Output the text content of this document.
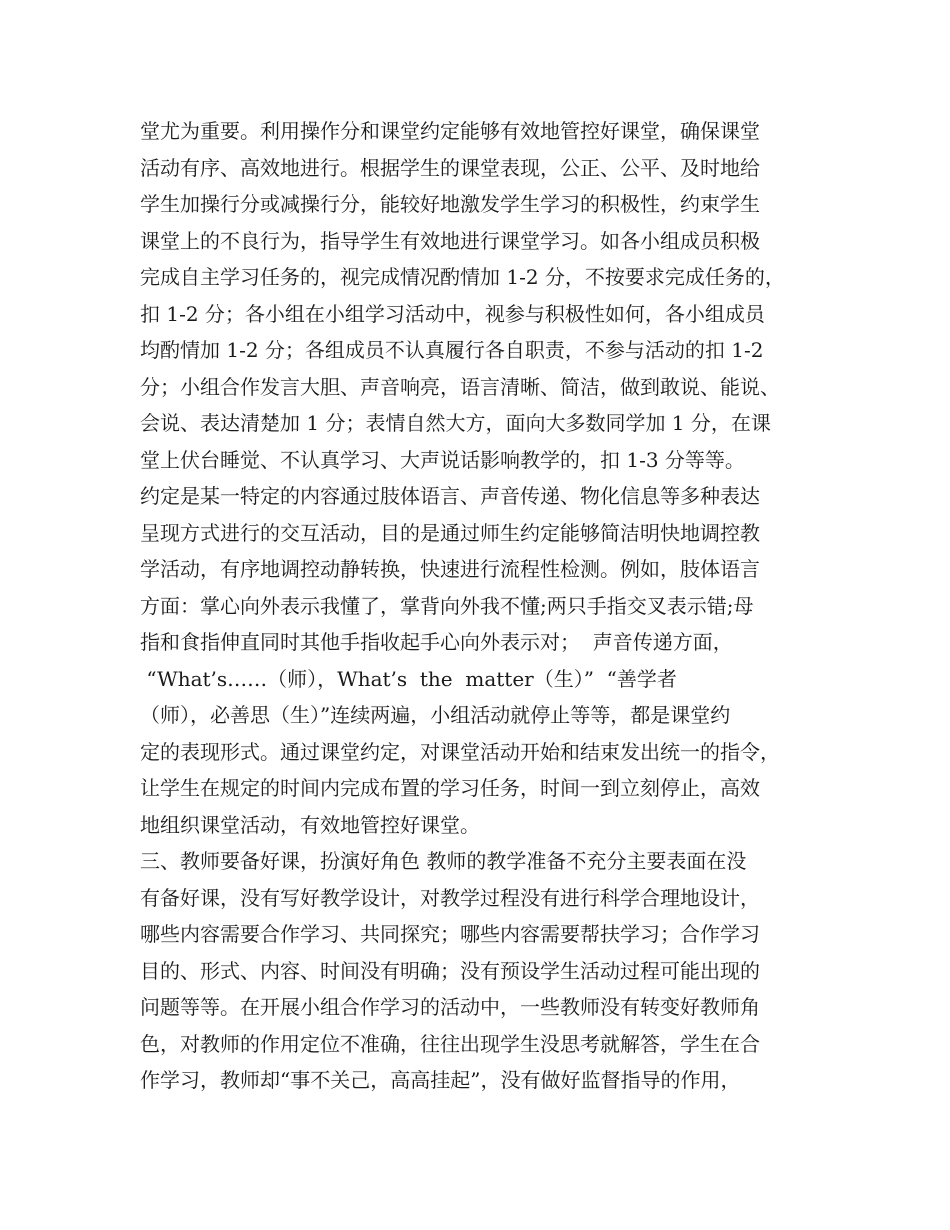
堂尤为重要。利用操作分和课堂约定能够有效地管控好课堂，确保课堂
活动有序、高效地进行。根据学生的课堂表现，公正、公平、及时地给
学生加操行分或减操行分，能较好地激发学生学习的积极性，约束学生
课堂上的不良行为，指导学生有效地进行课堂学习。如各小组成员积极
完成自主学习任务的，视完成情况酌情加 1-2 分，不按要求完成任务的，
扣 1-2 分；各小组在小组学习活动中，视参与积极性如何，各小组成员
均酌情加 1-2 分；各组成员不认真履行各自职责，不参与活动的扣 1-2
分；小组合作发言大胆、声音响亮，语言清晰、简洁，做到敢说、能说、
会说、表达清楚加 1 分；表情自然大方，面向大多数同学加 1 分，在课
堂上伏台睡觉、不认真学习、大声说话影响教学的，扣 1-3 分等等。
约定是某一特定的内容通过肢体语言、声音传递、物化信息等多种表达
呈现方式进行的交互活动，目的是通过师生约定能够简洁明快地调控教
学活动，有序地调控动静转换，快速进行流程性检测。例如，肢体语言
方面：掌心向外表示我懂了，掌背向外我不懂;两只手指交叉表示错;母
指和食指伸直同时其他手指收起手心向外表示对；  声音传递方面，
“What’s……（师），What’s  the  matter（生）”  “善学者
（师），必善思（生）”连续两遍，小组活动就停止等等，都是课堂约
定的表现形式。通过课堂约定，对课堂活动开始和结束发出统一的指令，
让学生在规定的时间内完成布置的学习任务，时间一到立刻停止，高效
地组织课堂活动，有效地管控好课堂。
三、教师要备好课，扮演好角色 教师的教学准备不充分主要表面在没
有备好课，没有写好教学设计，对教学过程没有进行科学合理地设计，
哪些内容需要合作学习、共同探究；哪些内容需要帮扶学习；合作学习
目的、形式、内容、时间没有明确；没有预设学生活动过程可能出现的
问题等等。在开展小组合作学习的活动中，一些教师没有转变好教师角
色，对教师的作用定位不准确，往往出现学生没思考就解答，学生在合
作学习，教师却“事不关己，高高挂起”，没有做好监督指导的作用，
